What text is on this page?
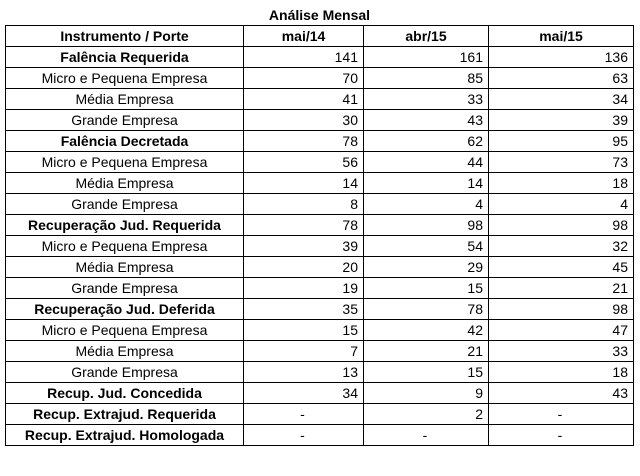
Análise Mensal			
Instrumento / Porte	mai/14	abr/15	mai/15
Falência Requerida	141	161	136
Micro e Pequena Empresa	70	85	63
Média Empresa	41	33	34
Grande Empresa	30	43	39
Falência Decretada	78	62	95
Micro e Pequena Empresa	56	44	73
Média Empresa	14	14	18
Grande Empresa	8	4	4
Recuperação Jud. Requerida	78	98	98
Micro e Pequena Empresa	39	54	32
Média Empresa	20	29	45
Grande Empresa	19	15	21
Recuperação Jud. Deferida	35	78	98
Micro e Pequena Empresa	15	42	47
Média Empresa	7	21	33
Grande Empresa	13	15	18
Recup. Jud. Concedida	34	9	43
Recup. Extrajud. Requerida	-	2	-
Recup. Extrajud. Homologada	-	-	-
